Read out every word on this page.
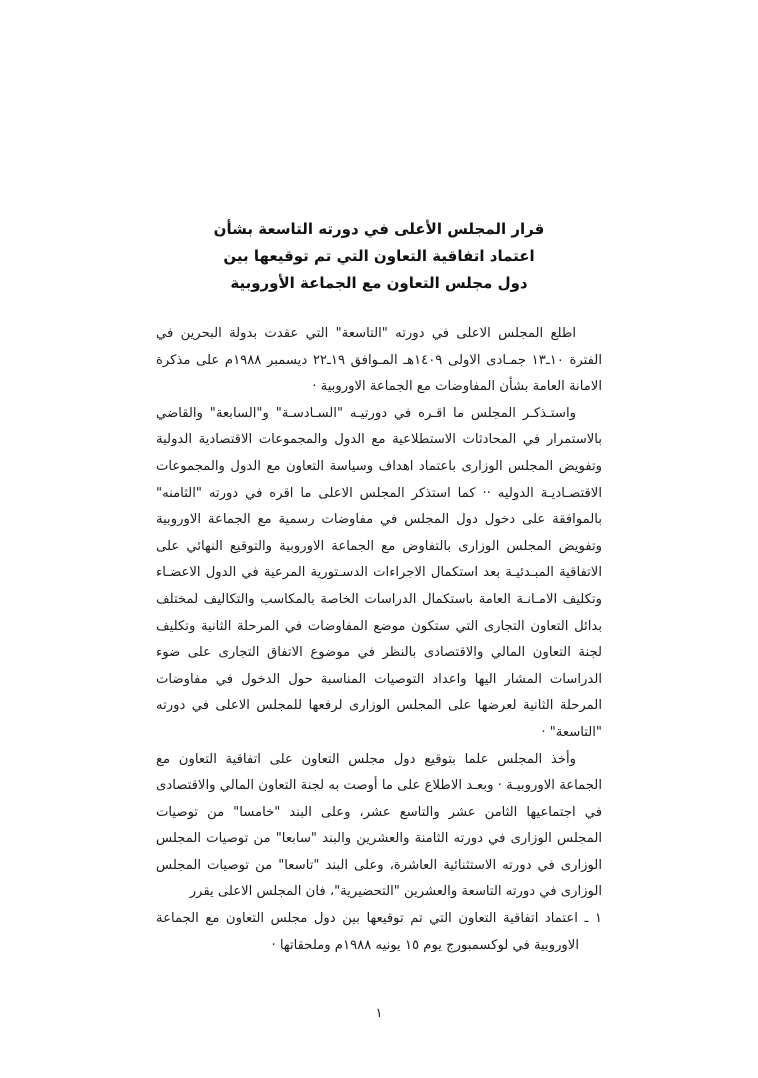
قرار المجلس الأعلى في دورته التاسعة بشأن
اعتماد اتفاقية التعاون التي تم توقيعها بين
دول مجلس التعاون مع الجماعة الأوروبية

اطلع المجلس الاعلى في دورته "التاسعة" التي عقدت بدولة البحرين في الفترة ١٠ـ١٣ جمـادى الاولى ١٤٠٩هـ المـوافق ١٩ـ٢٢ ديسمبر ١٩٨٨م على مذكرة الامانة العامة بشأن المفاوضات مع الجماعة الاوروبية ·

واستـذكـر المجلس ما اقـره في دورتيـه "السـادسـة" و"السابعة" والقاضي بالاستمرار في المحادثات الاستطلاعية مع الدول والمجموعات الاقتصادية الدولية وتفويض المجلس الوزارى باعتماد اهداف وسياسة التعاون مع الدول والمجموعات الاقتصـاديـة الدوليه ·· كما استذكر المجلس الاعلى ما اقره في دورته "الثامنه" بالموافقة على دخول دول المجلس في مفاوضات رسمية مع الجماعة الاوروبية وتفويض المجلس الوزارى بالتفاوض مع الجماعة الاوروبية والتوقيع النهائي على الاتفاقية المبـدئيـة بعد استكمال الاجراءات الدسـتورية المرعية في الدول الاعضـاء وتكليف الامـانـة العامة باستكمال الدراسات الخاصة بالمكاسب والتكاليف لمختلف بدائل التعاون التجارى التي ستكون موضع المفاوضات في المرحلة الثانية وتكليف لجنة التعاون المالي والاقتصادى بالنظر في موضوع الاتفاق التجارى على ضوء الدراسات المشار اليها واعداد التوصيات المناسبة حول الدخول في مفاوضات المرحلة الثانية لعرضها على المجلس الوزارى لرفعها للمجلس الاعلى في دورته "التاسعة" ·

وأخذ المجلس علما بتوقيع دول مجلس التعاون على اتفاقية التعاون مع الجماعة الاوروبيـة · وبعـد الاطلاع على ما أوصت به لجنة التعاون المالي والاقتصادى في اجتماعيها الثامن عشر والتاسع عشر، وعلى البند "خامسا" من توصيات المجلس الوزارى في دورته الثامنة والعشرين والبند "سابعا" من توصيات المجلس الوزارى في دورته الاستثنائية العاشرة، وعلى البند "تاسعا" من توصيات المجلس الوزارى في دورته التاسعة والعشرين "التحضيرية"، فان المجلس الاعلى يقرر

١ ـ اعتماد اتفاقية التعاون التي تم توقيعها بين دول مجلس التعاون مع الجماعة الاوروبية في لوكسمبورج يوم ١٥ يونيه ١٩٨٨م وملحقاتها ·

١
